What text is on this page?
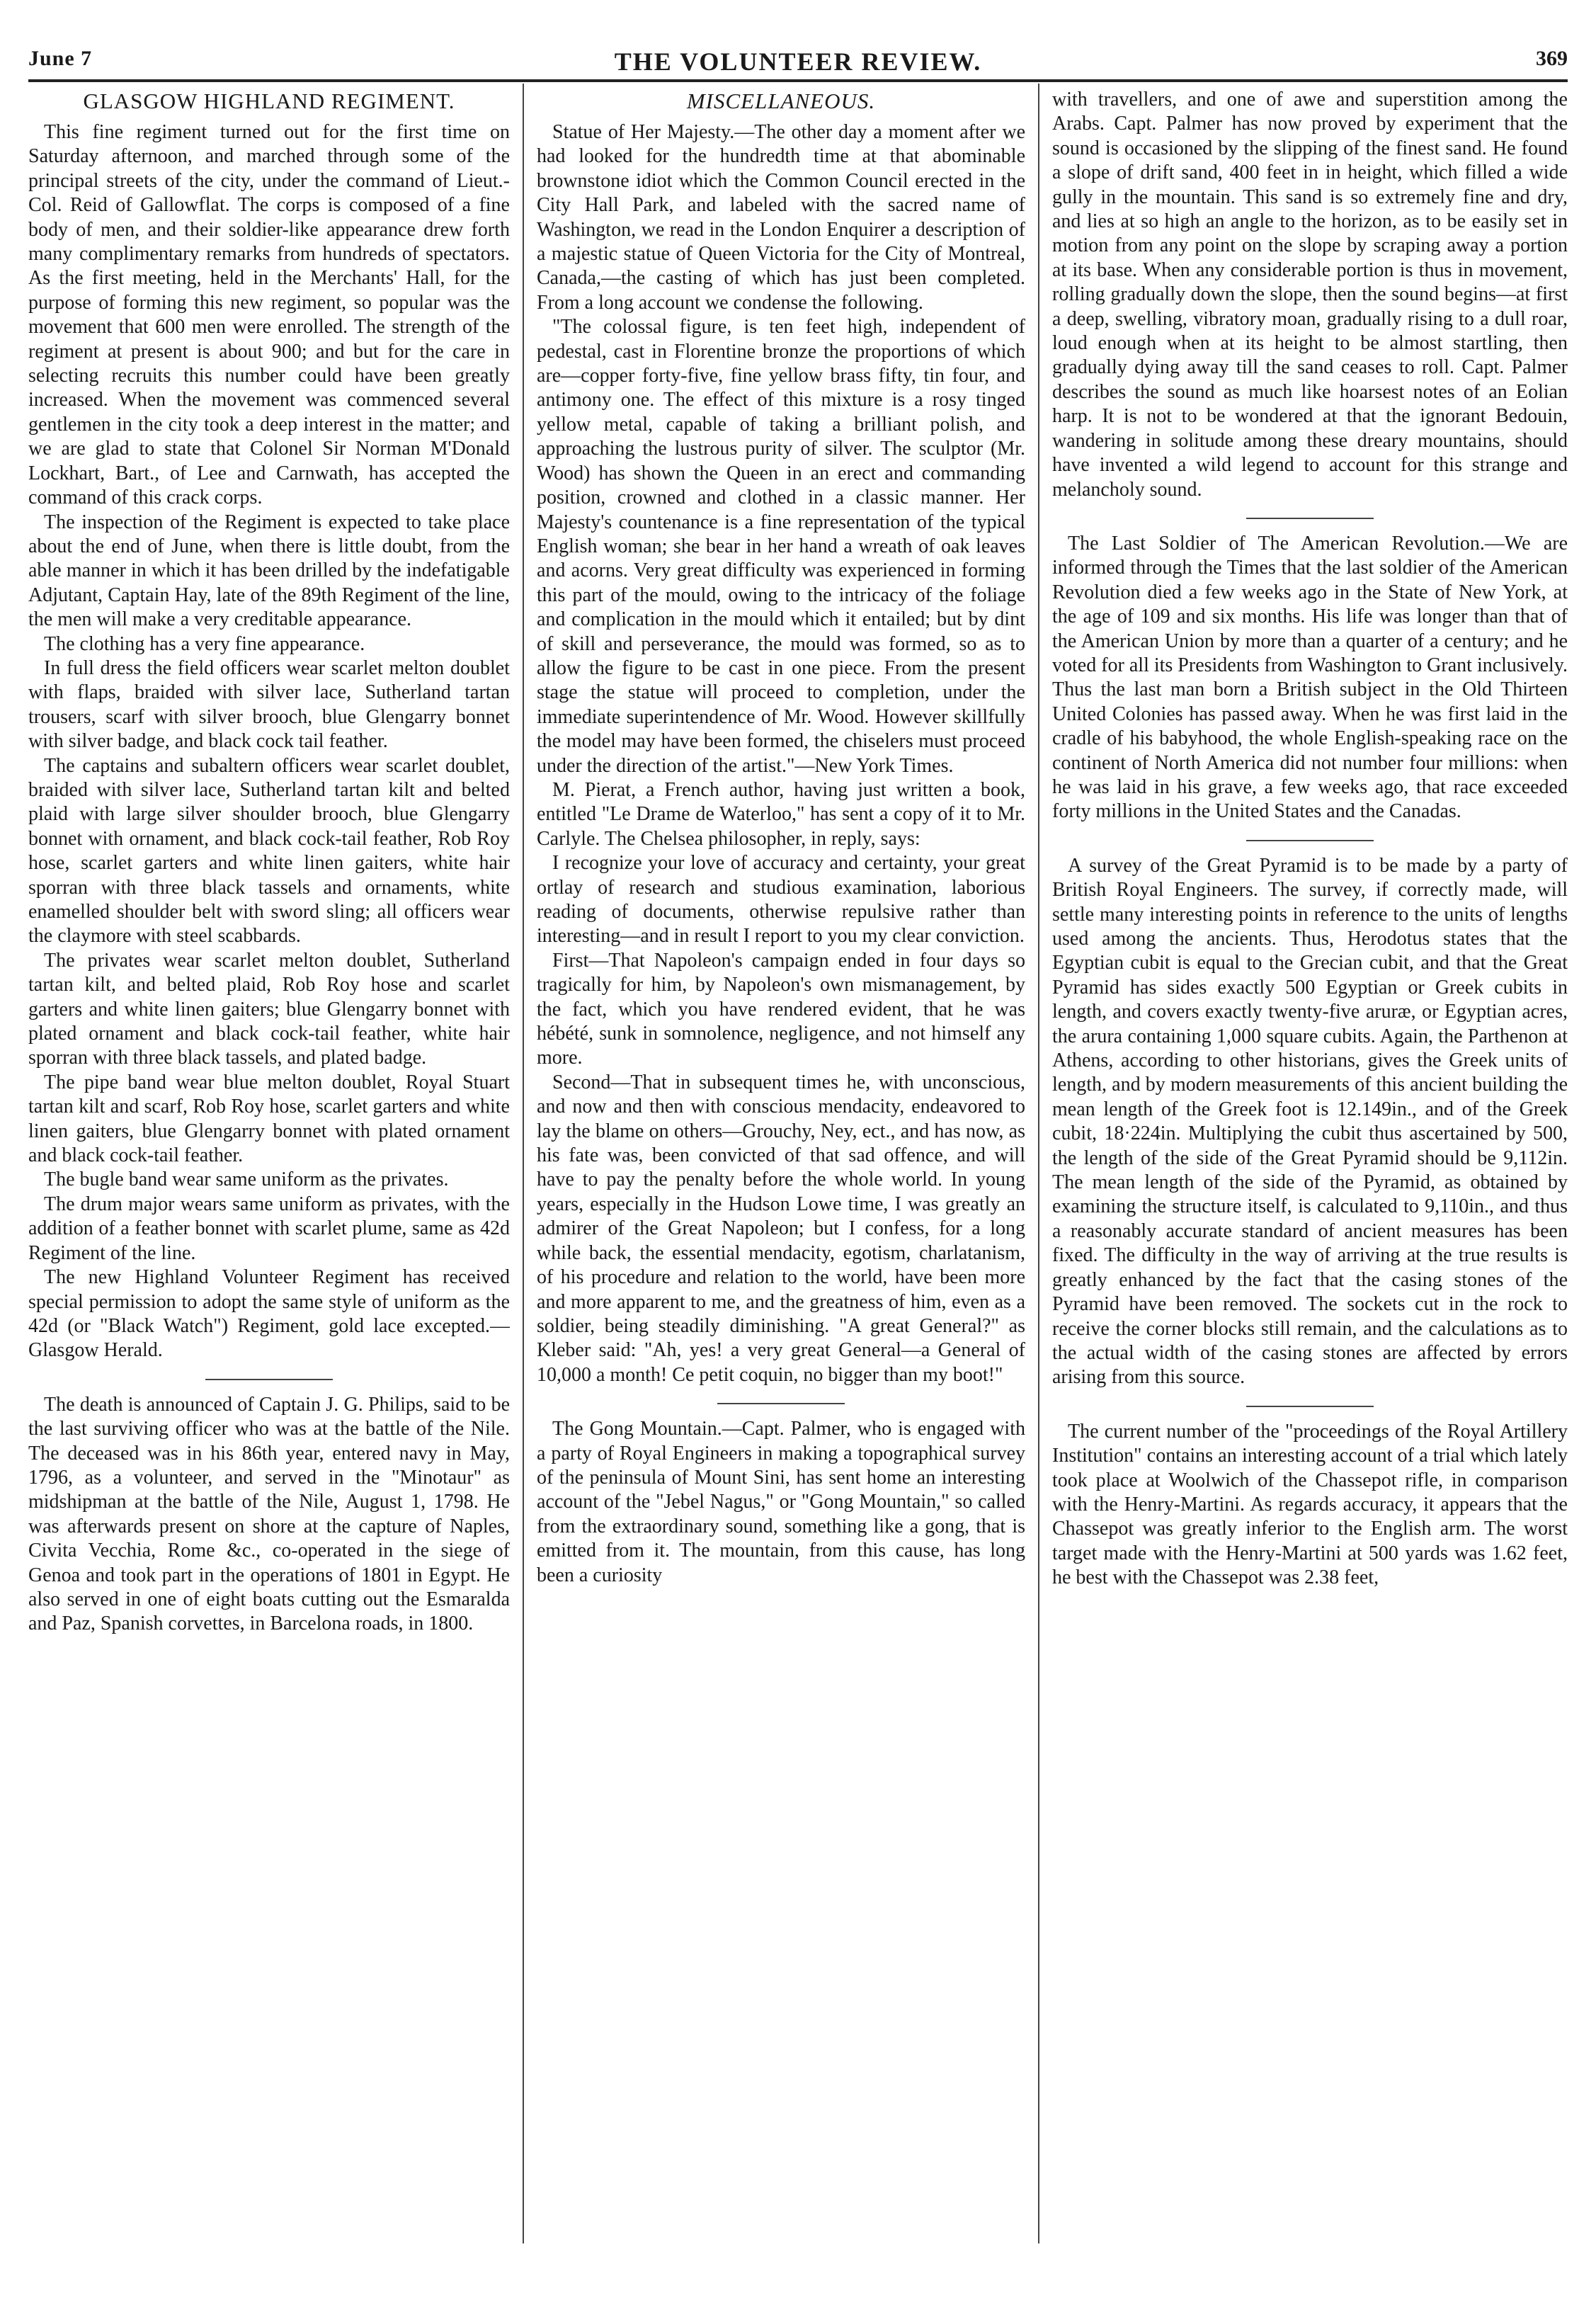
June 7	THE VOLUNTEER REVIEW.	369
GLASGOW HIGHLAND REGIMENT.

This fine regiment turned out for the first time on Saturday afternoon, and marched through some of the principal streets of the city, under the command of Lieut.-Col. Reid of Gallowflat. The corps is composed of a fine body of men, and their soldier-like appearance drew forth many complimentary remarks from hundreds of spectators. As the first meeting, held in the Merchants' Hall, for the purpose of forming this new regiment, so popular was the movement that 600 men were enrolled. The strength of the regiment at present is about 900; and but for the care in selecting recruits this number could have been greatly increased. When the movement was commenced several gentlemen in the city took a deep interest in the matter; and we are glad to state that Colonel Sir Norman M'Donald Lockhart, Bart., of Lee and Carnwath, has accepted the command of this crack corps.

The inspection of the Regiment is expected to take place about the end of June, when there is little doubt, from the able manner in which it has been drilled by the indefatigable Adjutant, Captain Hay, late of the 89th Regiment of the line, the men will make a very creditable appearance.

The clothing has a very fine appearance.

In full dress the field officers wear scarlet melton doublet with flaps, braided with silver lace, Sutherland tartan trousers, scarf with silver brooch, blue Glengarry bonnet with silver badge, and black cock tail feather.

The captains and subaltern officers wear scarlet doublet, braided with silver lace, Sutherland tartan kilt and belted plaid with large silver shoulder brooch, blue Glengarry bonnet with ornament, and black cock-tail feather, Rob Roy hose, scarlet garters and white linen gaiters, white hair sporran with three black tassels and ornaments, white enamelled shoulder belt with sword sling; all officers wear the claymore with steel scabbards.

The privates wear scarlet melton doublet, Sutherland tartan kilt, and belted plaid, Rob Roy hose and scarlet garters and white linen gaiters; blue Glengarry bonnet with plated ornament and black cock-tail feather, white hair sporran with three black tassels, and plated badge.

The pipe band wear blue melton doublet, Royal Stuart tartan kilt and scarf, Rob Roy hose, scarlet garters and white linen gaiters, blue Glengarry bonnet with plated ornament and black cock-tail feather.

The bugle band wear same uniform as the privates.

The drum major wears same uniform as privates, with the addition of a feather bonnet with scarlet plume, same as 42d Regiment of the line.

The new Highland Volunteer Regiment has received special permission to adopt the same style of uniform as the 42d (or "Black Watch") Regiment, gold lace excepted.—Glasgow Herald.

The death is announced of Captain J. G. Philips, said to be the last surviving officer who was at the battle of the Nile. The deceased was in his 86th year, entered navy in May, 1796, as a volunteer, and served in the "Minotaur" as midshipman at the battle of the Nile, August 1, 1798. He was afterwards present on shore at the capture of Naples, Civita Vecchia, Rome &c., co-operated in the siege of Genoa and took part in the operations of 1801 in Egypt. He also served in one of eight boats cutting out the Esmaralda and Paz, Spanish corvettes, in Barcelona roads, in 1800.

MISCELLANEOUS.

Statue of Her Majesty.—The other day a moment after we had looked for the hundredth time at that abominable brownstone idiot which the Common Council erected in the City Hall Park, and labeled with the sacred name of Washington, we read in the London Enquirer a description of a majestic statue of Queen Victoria for the City of Montreal, Canada,—the casting of which has just been completed. From a long account we condense the following.

"The colossal figure, is ten feet high, independent of pedestal, cast in Florentine bronze the proportions of which are—copper forty-five, fine yellow brass fifty, tin four, and antimony one. The effect of this mixture is a rosy tinged yellow metal, capable of taking a brilliant polish, and approaching the lustrous purity of silver. The sculptor (Mr. Wood) has shown the Queen in an erect and commanding position, crowned and clothed in a classic manner. Her Majesty's countenance is a fine representation of the typical English woman; she bear in her hand a wreath of oak leaves and acorns. Very great difficulty was experienced in forming this part of the mould, owing to the intricacy of the foliage and complication in the mould which it entailed; but by dint of skill and perseverance, the mould was formed, so as to allow the figure to be cast in one piece. From the present stage the statue will proceed to completion, under the immediate superintendence of Mr. Wood. However skillfully the model may have been formed, the chiselers must proceed under the direction of the artist."—New York Times.

M. Pierat, a French author, having just written a book, entitled "Le Drame de Waterloo," has sent a copy of it to Mr. Carlyle. The Chelsea philosopher, in reply, says:

I recognize your love of accuracy and certainty, your great ortlay of research and studious examination, laborious reading of documents, otherwise repulsive rather than interesting—and in result I report to you my clear conviction.

First—That Napoleon's campaign ended in four days so tragically for him, by Napoleon's own mismanagement, by the fact, which you have rendered evident, that he was hébété, sunk in somnolence, negligence, and not himself any more.

Second—That in subsequent times he, with unconscious, and now and then with conscious mendacity, endeavored to lay the blame on others—Grouchy, Ney, ect., and has now, as his fate was, been convicted of that sad offence, and will have to pay the penalty before the whole world. In young years, especially in the Hudson Lowe time, I was greatly an admirer of the Great Napoleon; but I confess, for a long while back, the essential mendacity, egotism, charlatanism, of his procedure and relation to the world, have been more and more apparent to me, and the greatness of him, even as a soldier, being steadily diminishing. "A great General?" as Kleber said: "Ah, yes! a very great General—a General of 10,000 a month! Ce petit coquin, no bigger than my boot!"

The Gong Mountain.—Capt. Palmer, who is engaged with a party of Royal Engineers in making a topographical survey of the peninsula of Mount Sini, has sent home an interesting account of the "Jebel Nagus," or "Gong Mountain," so called from the extraordinary sound, something like a gong, that is emitted from it. The mountain, from this cause, has long been a curiosity

with travellers, and one of awe and superstition among the Arabs. Capt. Palmer has now proved by experiment that the sound is occasioned by the slipping of the finest sand. He found a slope of drift sand, 400 feet in in height, which filled a wide gully in the mountain. This sand is so extremely fine and dry, and lies at so high an angle to the horizon, as to be easily set in motion from any point on the slope by scraping away a portion at its base. When any considerable portion is thus in movement, rolling gradually down the slope, then the sound begins—at first a deep, swelling, vibratory moan, gradually rising to a dull roar, loud enough when at its height to be almost startling, then gradually dying away till the sand ceases to roll. Capt. Palmer describes the sound as much like hoarsest notes of an Eolian harp. It is not to be wondered at that the ignorant Bedouin, wandering in solitude among these dreary mountains, should have invented a wild legend to account for this strange and melancholy sound.

The Last Soldier of The American Revolution.—We are informed through the Times that the last soldier of the American Revolution died a few weeks ago in the State of New York, at the age of 109 and six months. His life was longer than that of the American Union by more than a quarter of a century; and he voted for all its Presidents from Washington to Grant inclusively. Thus the last man born a British subject in the Old Thirteen United Colonies has passed away. When he was first laid in the cradle of his babyhood, the whole English-speaking race on the continent of North America did not number four millions: when he was laid in his grave, a few weeks ago, that race exceeded forty millions in the United States and the Canadas.

A survey of the Great Pyramid is to be made by a party of British Royal Engineers. The survey, if correctly made, will settle many interesting points in reference to the units of lengths used among the ancients. Thus, Herodotus states that the Egyptian cubit is equal to the Grecian cubit, and that the Great Pyramid has sides exactly 500 Egyptian or Greek cubits in length, and covers exactly twenty-five aruræ, or Egyptian acres, the arura containing 1,000 square cubits. Again, the Parthenon at Athens, according to other historians, gives the Greek units of length, and by modern measurements of this ancient building the mean length of the Greek foot is 12.149in., and of the Greek cubit, 18·224in. Multiplying the cubit thus ascertained by 500, the length of the side of the Great Pyramid should be 9,112in. The mean length of the side of the Pyramid, as obtained by examining the structure itself, is calculated to 9,110in., and thus a reasonably accurate standard of ancient measures has been fixed. The difficulty in the way of arriving at the true results is greatly enhanced by the fact that the casing stones of the Pyramid have been removed. The sockets cut in the rock to receive the corner blocks still remain, and the calculations as to the actual width of the casing stones are affected by errors arising from this source.

The current number of the "proceedings of the Royal Artillery Institution" contains an interesting account of a trial which lately took place at Woolwich of the Chassepot rifle, in comparison with the Henry-Martini. As regards accuracy, it appears that the Chassepot was greatly inferior to the English arm. The worst target made with the Henry-Martini at 500 yards was 1.62 feet, he best with the Chassepot was 2.38 feet,
